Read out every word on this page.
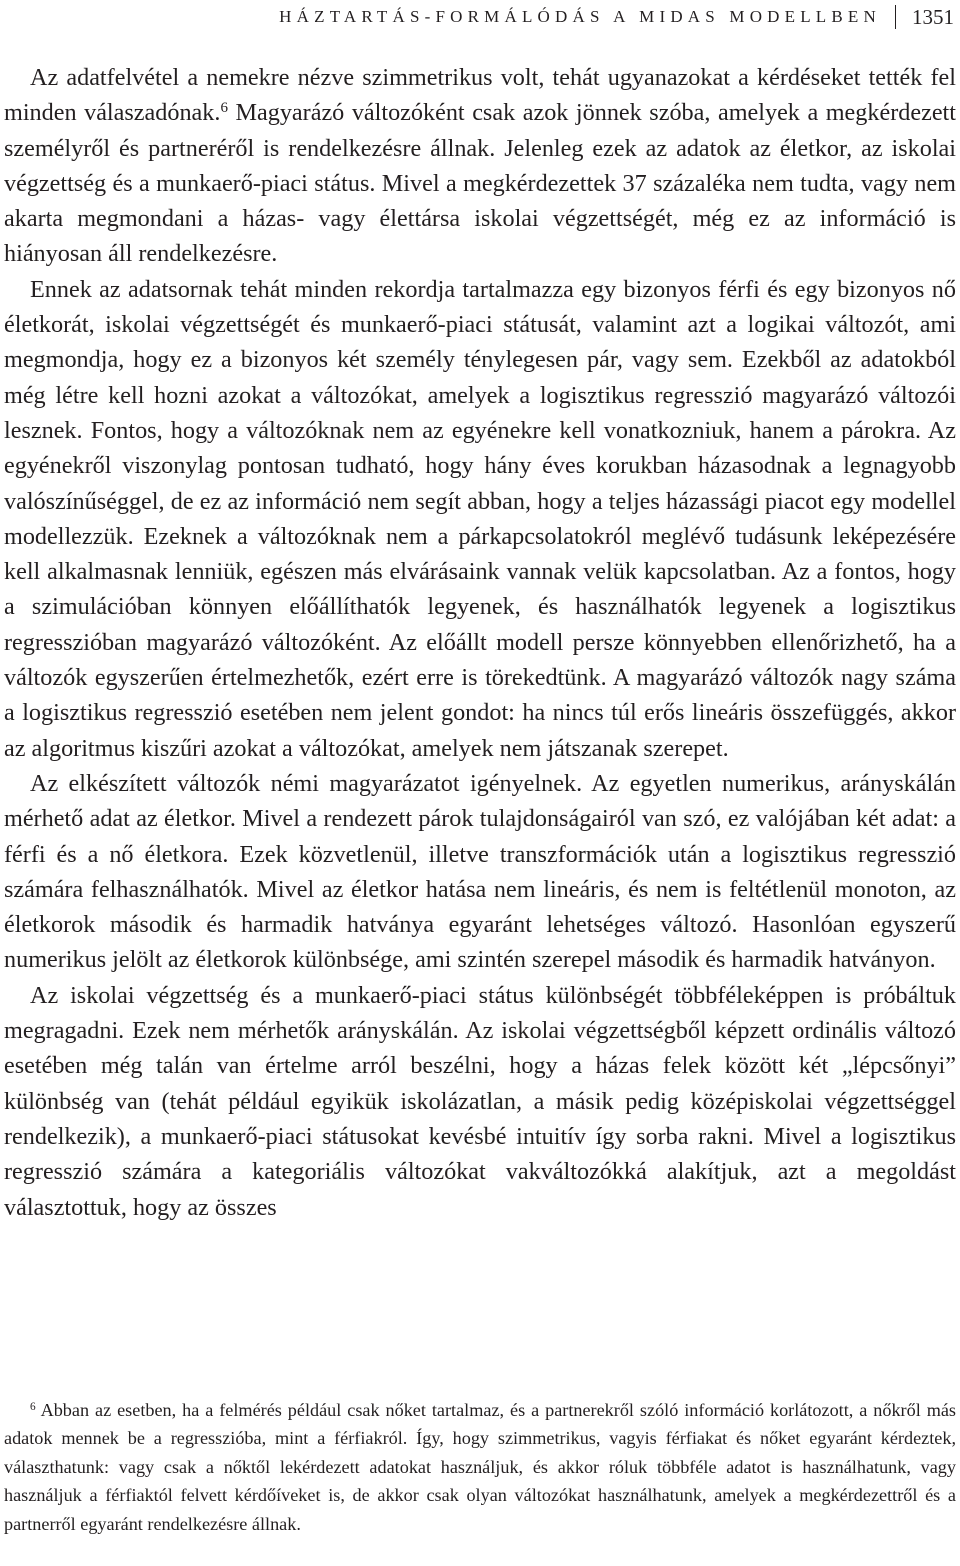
HÁZTARTÁS-FORMÁLÓDÁS A MIDAS MODELLBEN	1351

Az adatfelvétel a nemekre nézve szimmetrikus volt, tehát ugyanazokat a kérdéseket tették fel minden válaszadónak.$^6$ Magyarázó változóként csak azok jönnek szóba, amelyek a megkérdezett személyről és partneréről is rendelkezésre állnak. Jelenleg ezek az adatok az életkor, az iskolai végzettség és a munkaerő-piaci státus. Mivel a megkérdezettek 37 százaléka nem tudta, vagy nem akarta megmondani a házas- vagy élettársa iskolai végzettségét, még ez az információ is hiányosan áll rendelkezésre.

Ennek az adatsornak tehát minden rekordja tartalmazza egy bizonyos férfi és egy bizonyos nő életkorát, iskolai végzettségét és munkaerő-piaci státusát, valamint azt a logikai változót, ami megmondja, hogy ez a bizonyos két személy ténylegesen pár, vagy sem. Ezekből az adatokból még létre kell hozni azokat a változókat, amelyek a logisztikus regresszió magyarázó változói lesznek. Fontos, hogy a változóknak nem az egyénekre kell vonatkozniuk, hanem a párokra. Az egyénekről viszonylag pontosan tudható, hogy hány éves korukban házasodnak a legnagyobb valószínűséggel, de ez az információ nem segít abban, hogy a teljes házassági piacot egy modellel modellezzük. Ezeknek a változóknak nem a párkapcsolatokról meglévő tudásunk leképezésére kell alkalmasnak lenniük, egészen más elvárásaink vannak velük kapcsolatban. Az a fontos, hogy a szimulációban könnyen előállíthatók legyenek, és használhatók legyenek a logisztikus regresszióban magyarázó változóként. Az előállt modell persze könnyebben ellenőrizhető, ha a változók egyszerűen értelmezhetők, ezért erre is törekedtünk. A magyarázó változók nagy száma a logisztikus regresszió esetében nem jelent gondot: ha nincs túl erős lineáris összefüggés, akkor az algoritmus kiszűri azokat a változókat, amelyek nem játszanak szerepet.

Az elkészített változók némi magyarázatot igényelnek. Az egyetlen numerikus, arányskálán mérhető adat az életkor. Mivel a rendezett párok tulajdonságairól van szó, ez valójában két adat: a férfi és a nő életkora. Ezek közvetlenül, illetve transzformációk után a logisztikus regresszió számára felhasználhatók. Mivel az életkor hatása nem lineáris, és nem is feltétlenül monoton, az életkorok második és harmadik hatványa egyaránt lehetséges változó. Hasonlóan egyszerű numerikus jelölt az életkorok különbsége, ami szintén szerepel második és harmadik hatványon.

Az iskolai végzettség és a munkaerő-piaci státus különbségét többféleképpen is próbáltuk megragadni. Ezek nem mérhetők arányskálán. Az iskolai végzettségből képzett ordinális változó esetében még talán van értelme arról beszélni, hogy a házas felek között két „lépcsőnyi” különbség van (tehát például egyikük iskolázatlan, a másik pedig középiskolai végzettséggel rendelkezik), a munkaerő-piaci státusokat kevésbé intuitív így sorba rakni. Mivel a logisztikus regresszió számára a kategoriális változókat vakváltozókká alakítjuk, azt a megoldást választottuk, hogy az összes

$^6$ Abban az esetben, ha a felmérés például csak nőket tartalmaz, és a partnerekről szóló információ korlátozott, a nőkről más adatok mennek be a regresszióba, mint a férfiakról. Így, hogy szimmetrikus, vagyis férfiakat és nőket egyaránt kérdeztek, választhatunk: vagy csak a nőktől lekérdezett adatokat használjuk, és akkor róluk többféle adatot is használhatunk, vagy használjuk a férfiaktól felvett kérdőíveket is, de akkor csak olyan változókat használhatunk, amelyek a megkérdezettről és a partnerről egyaránt rendelkezésre állnak.
